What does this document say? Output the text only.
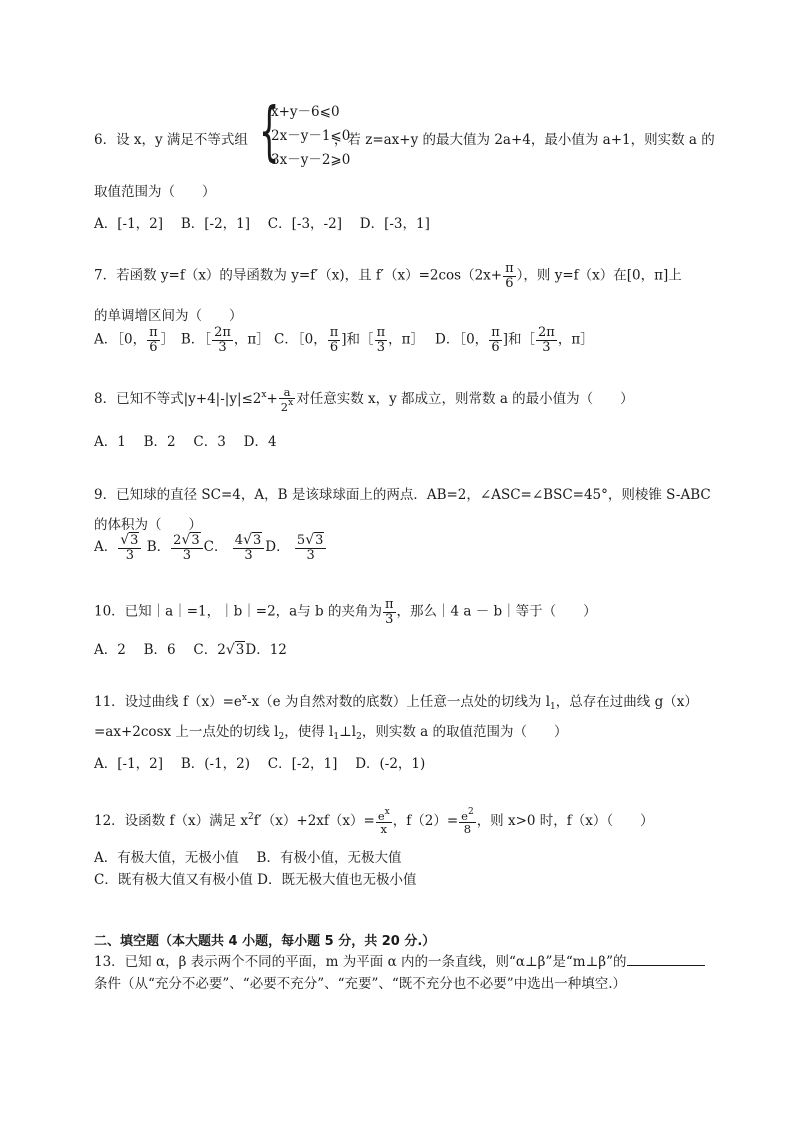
{
x+y－6⩽0
2x－y－1⩽0
3x－y－2⩾0
6．设 x，y 满足不等式组	，若 z=ax+y 的最大值为 2a+4，最小值为 a+1，则实数 a 的
取值范围为（　　）
A．[-1，2]　 B．[-2，1]　 C．[-3，-2]　 D．[-3，1]
7．若函数 y=f（x）的导函数为 y=f′（x)，且 $f'(x)=2\cos(2x+ \frac{\pi}{6}$ ），则 y=f（x）在[0，π]上
的单调增区间为（　　）
A．［0， $\frac{\pi}{6}$ ］　B．［ $\frac{2\pi}{3}$ ，π］ C．［0， $\frac{\pi}{6}$ ]和［ $\frac{\pi}{3}$ ，π］　 D．［0， $\frac{\pi}{6}$ ]和［ $\frac{2\pi}{3}$ ，π］
8．已知不等式$|y+4|-|y|\le 2^x+ \frac{a}{2^x}$ 对任意实数 x，y 都成立，则常数 a 的最小值为（　　）
A．1　 B．2　 C．3　 D．4
9．已知球的直径 SC=4，A，B 是该球球面上的两点．AB=2，∠ASC=∠BSC=45°，则棱锥 S-ABC
的体积为（　　）
A． $\frac{√3}{3}$ B． $\frac{2√3}{3}$ C． $\frac{4√3}{3}$ D． $\frac{5√3}{3}$
10．已知｜a｜=1，｜b｜=2，a与 b 的夹角为 $\frac{\pi}{3}$ ，那么｜4 a － b｜等于（　　）
A．2　 B．6　 C．2√3D．12
11．设过曲线 $f(x)=e^x-x(e$ 为自然对数的底数）上任意一点处的切线为 $l_1$，总存在过曲线 g（x）
=ax+2cosx 上一点处的切线 $l_2$，使得 $l_1\perp l_2$，则实数 a 的取值范围为（　　）
A．[-1，2]　 B．(-1，2)　 C．[-2，1]　 D．(-2，1)
12．设函数 f（x）满足 $x^2f'(x)+2xf(x)= \frac{e^x}{x}$ ，$f(2)= \frac{e^2}{8}$ ，则 x>0 时，f（x）（　　）
A．有极大值，无极小值　 B．有极小值，无极大值
C．既有极大值又有极小值 D．既无极大值也无极小值
二、填空题（本大题共 4 小题，每小题 5 分，共 20 分.）
13．已知 α，β 表示两个不同的平面，m 为平面 α 内的一条直线，则“α⊥β”是“m⊥β”的
条件（从“充分不必要”、“必要不充分”、“充要”、“既不充分也不必要”中选出一种填空.）
